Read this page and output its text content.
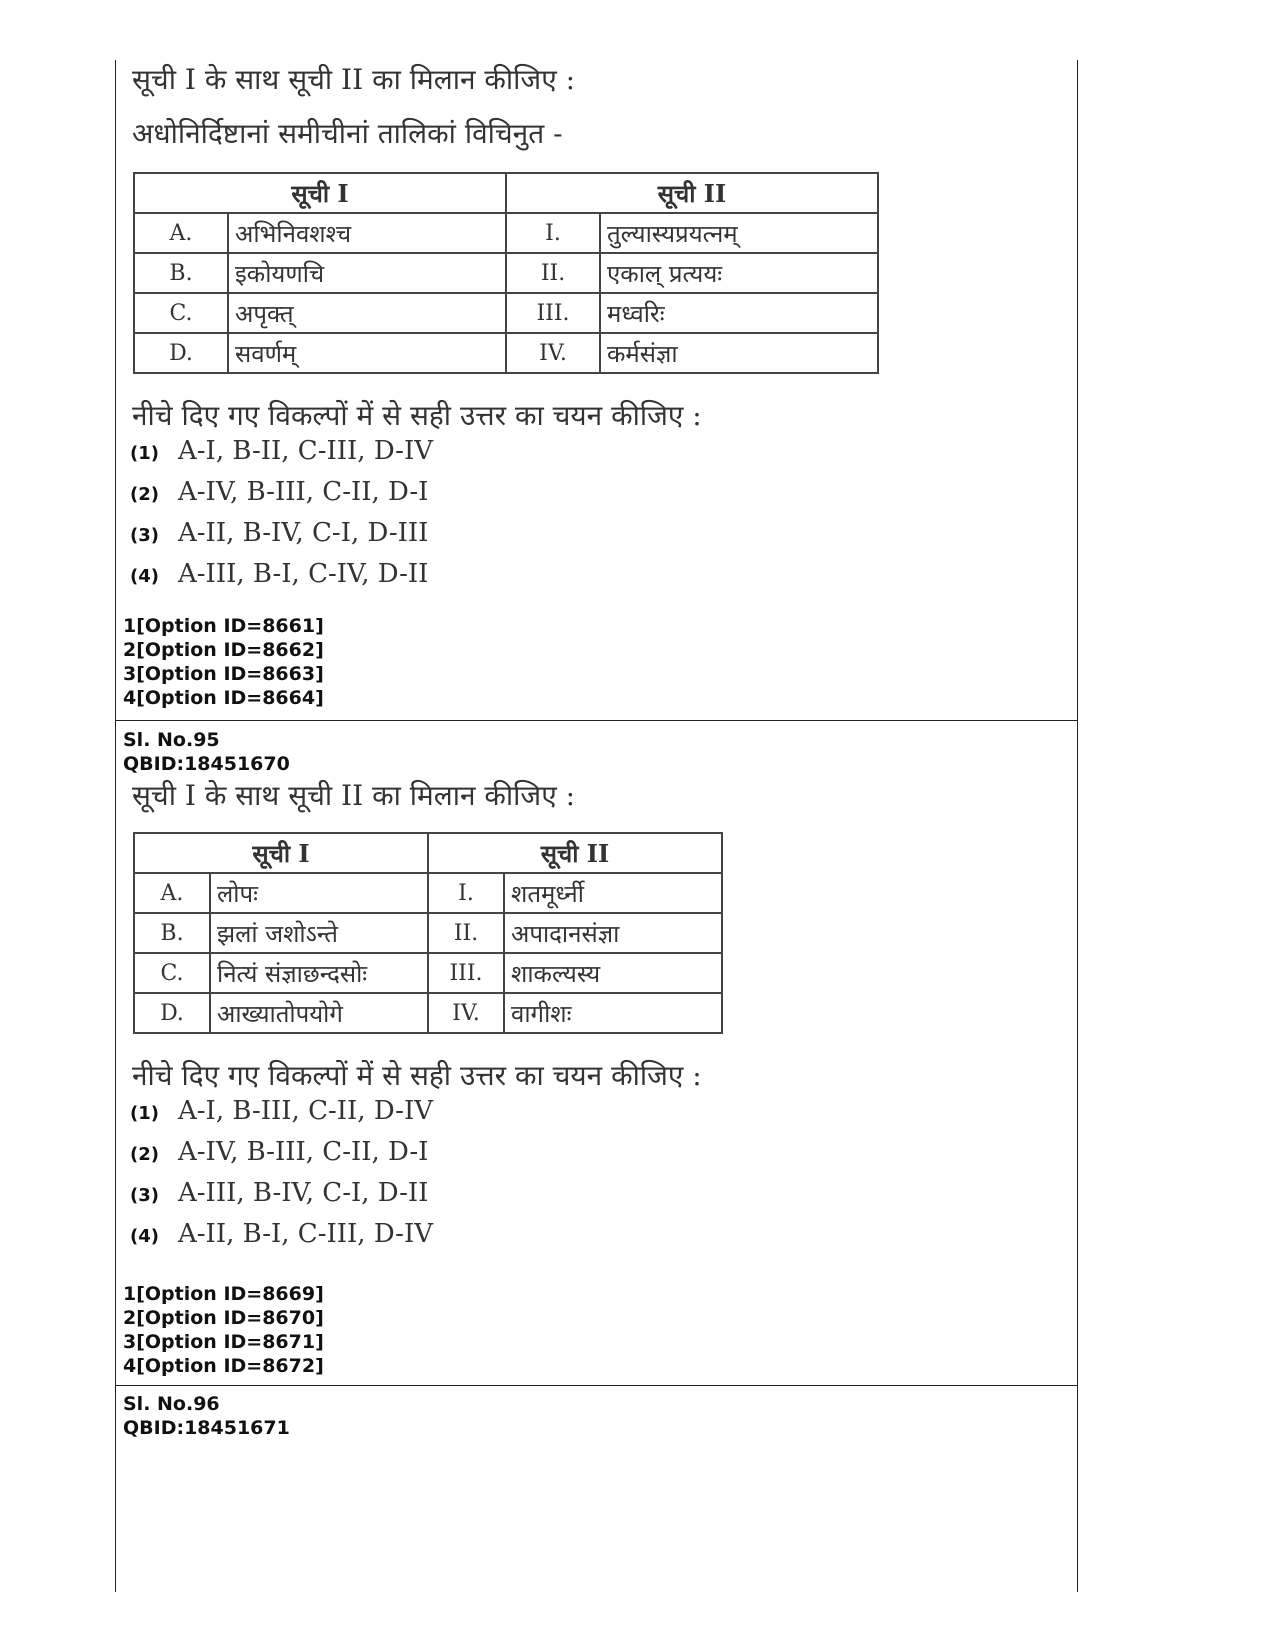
सूची I के साथ सूची II का मिलान कीजिए :
अधोनिर्दिष्टानां समीचीनां तालिकां विचिनुत -
सूची I		सूची II	
A.	अभिनिवशश्च	I.	तुल्यास्यप्रयत्नम्
B.	इकोयणचि	II.	एकाल् प्रत्ययः
C.	अपृक्त्	III.	मध्वरिः
D.	सवर्णम्	IV.	कर्मसंज्ञा
नीचे दिए गए विकल्पों में से सही उत्तर का चयन कीजिए :
(1) A-I, B-II, C-III, D-IV
(2) A-IV, B-III, C-II, D-I
(3) A-II, B-IV, C-I, D-III
(4) A-III, B-I, C-IV, D-II
1[Option ID=8661]
2[Option ID=8662]
3[Option ID=8663]
4[Option ID=8664]
Sl. No.95
QBID:18451670
सूची I के साथ सूची II का मिलान कीजिए :
सूची I		सूची II	
A.	लोपः	I.	शतमूर्ध्नी
B.	झलां जशोऽन्ते	II.	अपादानसंज्ञा
C.	नित्यं संज्ञाछन्दसोः	III.	शाकल्यस्य
D.	आख्यातोपयोगे	IV.	वागीशः
नीचे दिए गए विकल्पों में से सही उत्तर का चयन कीजिए :
(1) A-I, B-III, C-II, D-IV
(2) A-IV, B-III, C-II, D-I
(3) A-III, B-IV, C-I, D-II
(4) A-II, B-I, C-III, D-IV
1[Option ID=8669]
2[Option ID=8670]
3[Option ID=8671]
4[Option ID=8672]
Sl. No.96
QBID:18451671
